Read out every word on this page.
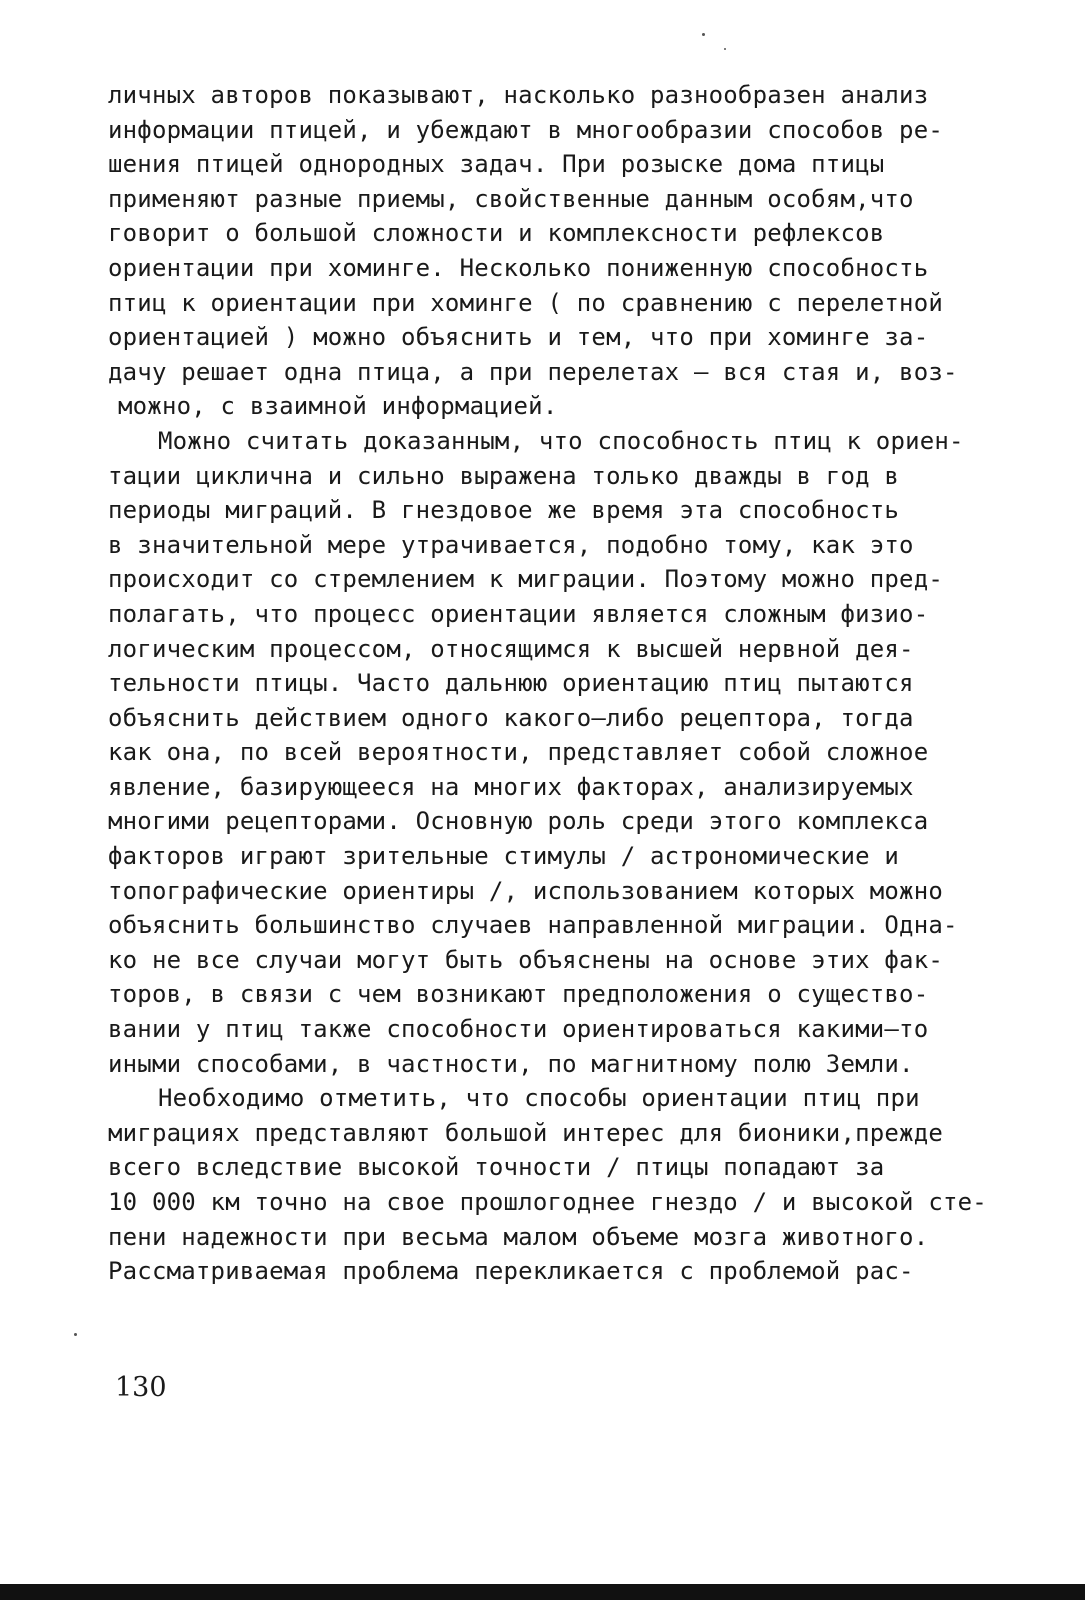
личных авторов показывают, насколько разнообразен анализ
информации птицей, и убеждают в многообразии способов ре-
шения птицей однородных задач. При розыске дома птицы
применяют разные приемы, свойственные данным особям,что
говорит о большой сложности и комплексности рефлексов
ориентации при хоминге. Несколько пониженную способность
птиц к ориентации при хоминге ( по сравнению с перелетной
ориентацией ) можно объяснить и тем, что при хоминге за-
дачу решает одна птица, а при перелетах – вся стая и, воз-
можно, с взаимной информацией.
Можно считать доказанным, что способность птиц к ориен-
тации циклична и сильно выражена только дважды в год в
периоды миграций. В гнездовое же время эта способность
в значительной мере утрачивается, подобно тому, как это
происходит со стремлением к миграции. Поэтому можно пред-
полагать, что процесс ориентации является сложным физио-
логическим процессом, относящимся к высшей нервной дея-
тельности птицы. Часто дальнюю ориентацию птиц пытаются
объяснить действием одного какого–либо рецептора, тогда
как она, по всей вероятности, представляет собой сложное
явление, базирующееся на многих факторах, анализируемых
многими рецепторами. Основную роль среди этого комплекса
факторов играют зрительные стимулы / астрономические и
топографические ориентиры /, использованием которых можно
объяснить большинство случаев направленной миграции. Одна-
ко не все случаи могут быть объяснены на основе этих фак-
торов, в связи с чем возникают предположения о существо-
вании у птиц также способности ориентироваться какими–то
иными способами, в частности, по магнитному полю Земли.
Необходимо отметить, что способы ориентации птиц при
миграциях представляют большой интерес для бионики,прежде
всего вследствие высокой точности / птицы попадают за
10 000 км точно на свое прошлогоднее гнездо / и высокой сте-
пени надежности при весьма малом объеме мозга животного.
Рассматриваемая проблема перекликается с проблемой рас-
130
